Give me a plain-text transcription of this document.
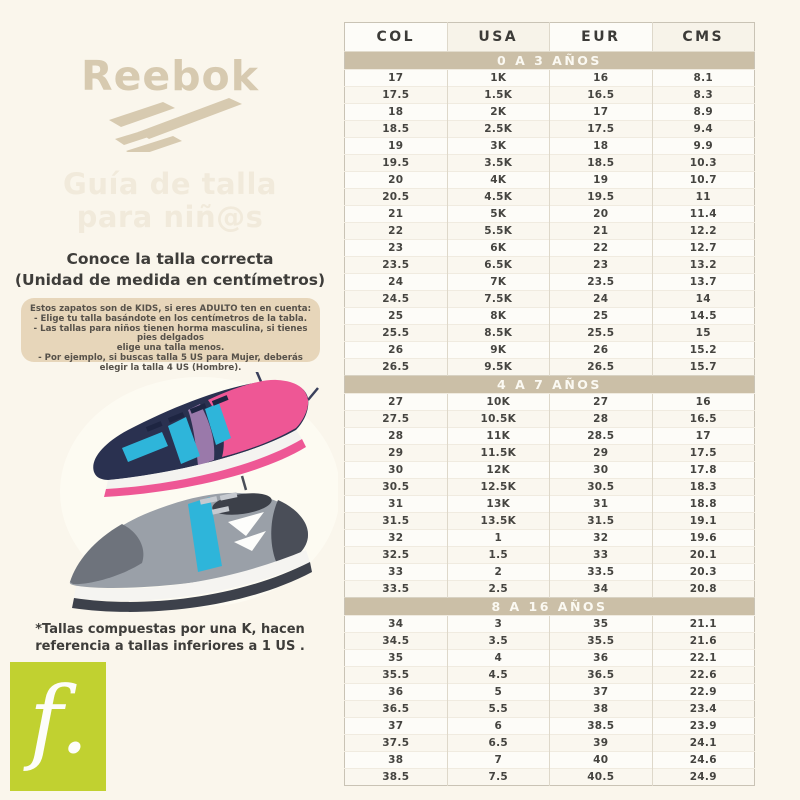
Reebok
Guía de talla
para niñ@s
Conoce la talla correcta
(Unidad de medida en centímetros)
Estos zapatos son de KIDS, si eres ADULTO ten en cuenta:
- Elige tu talla basándote en los centímetros de la tabla.
- Las tallas para niños tienen horma masculina, si tienes pies delgados
elige una talla menos.
- Por ejemplo, si buscas talla 5 US para Mujer, deberás
elegir la talla 4 US (Hombre).
*Tallas compuestas por una K, hacen
referencia a tallas inferiores a 1 US .
f.
COL	USA	EUR	CMS
0 A 3 AÑOS			
17	1K	16	8.1
17.5	1.5K	16.5	8.3
18	2K	17	8.9
18.5	2.5K	17.5	9.4
19	3K	18	9.9
19.5	3.5K	18.5	10.3
20	4K	19	10.7
20.5	4.5K	19.5	11
21	5K	20	11.4
22	5.5K	21	12.2
23	6K	22	12.7
23.5	6.5K	23	13.2
24	7K	23.5	13.7
24.5	7.5K	24	14
25	8K	25	14.5
25.5	8.5K	25.5	15
26	9K	26	15.2
26.5	9.5K	26.5	15.7
4 A 7 AÑOS			
27	10K	27	16
27.5	10.5K	28	16.5
28	11K	28.5	17
29	11.5K	29	17.5
30	12K	30	17.8
30.5	12.5K	30.5	18.3
31	13K	31	18.8
31.5	13.5K	31.5	19.1
32	1	32	19.6
32.5	1.5	33	20.1
33	2	33.5	20.3
33.5	2.5	34	20.8
8 A 16 AÑOS			
34	3	35	21.1
34.5	3.5	35.5	21.6
35	4	36	22.1
35.5	4.5	36.5	22.6
36	5	37	22.9
36.5	5.5	38	23.4
37	6	38.5	23.9
37.5	6.5	39	24.1
38	7	40	24.6
38.5	7.5	40.5	24.9
